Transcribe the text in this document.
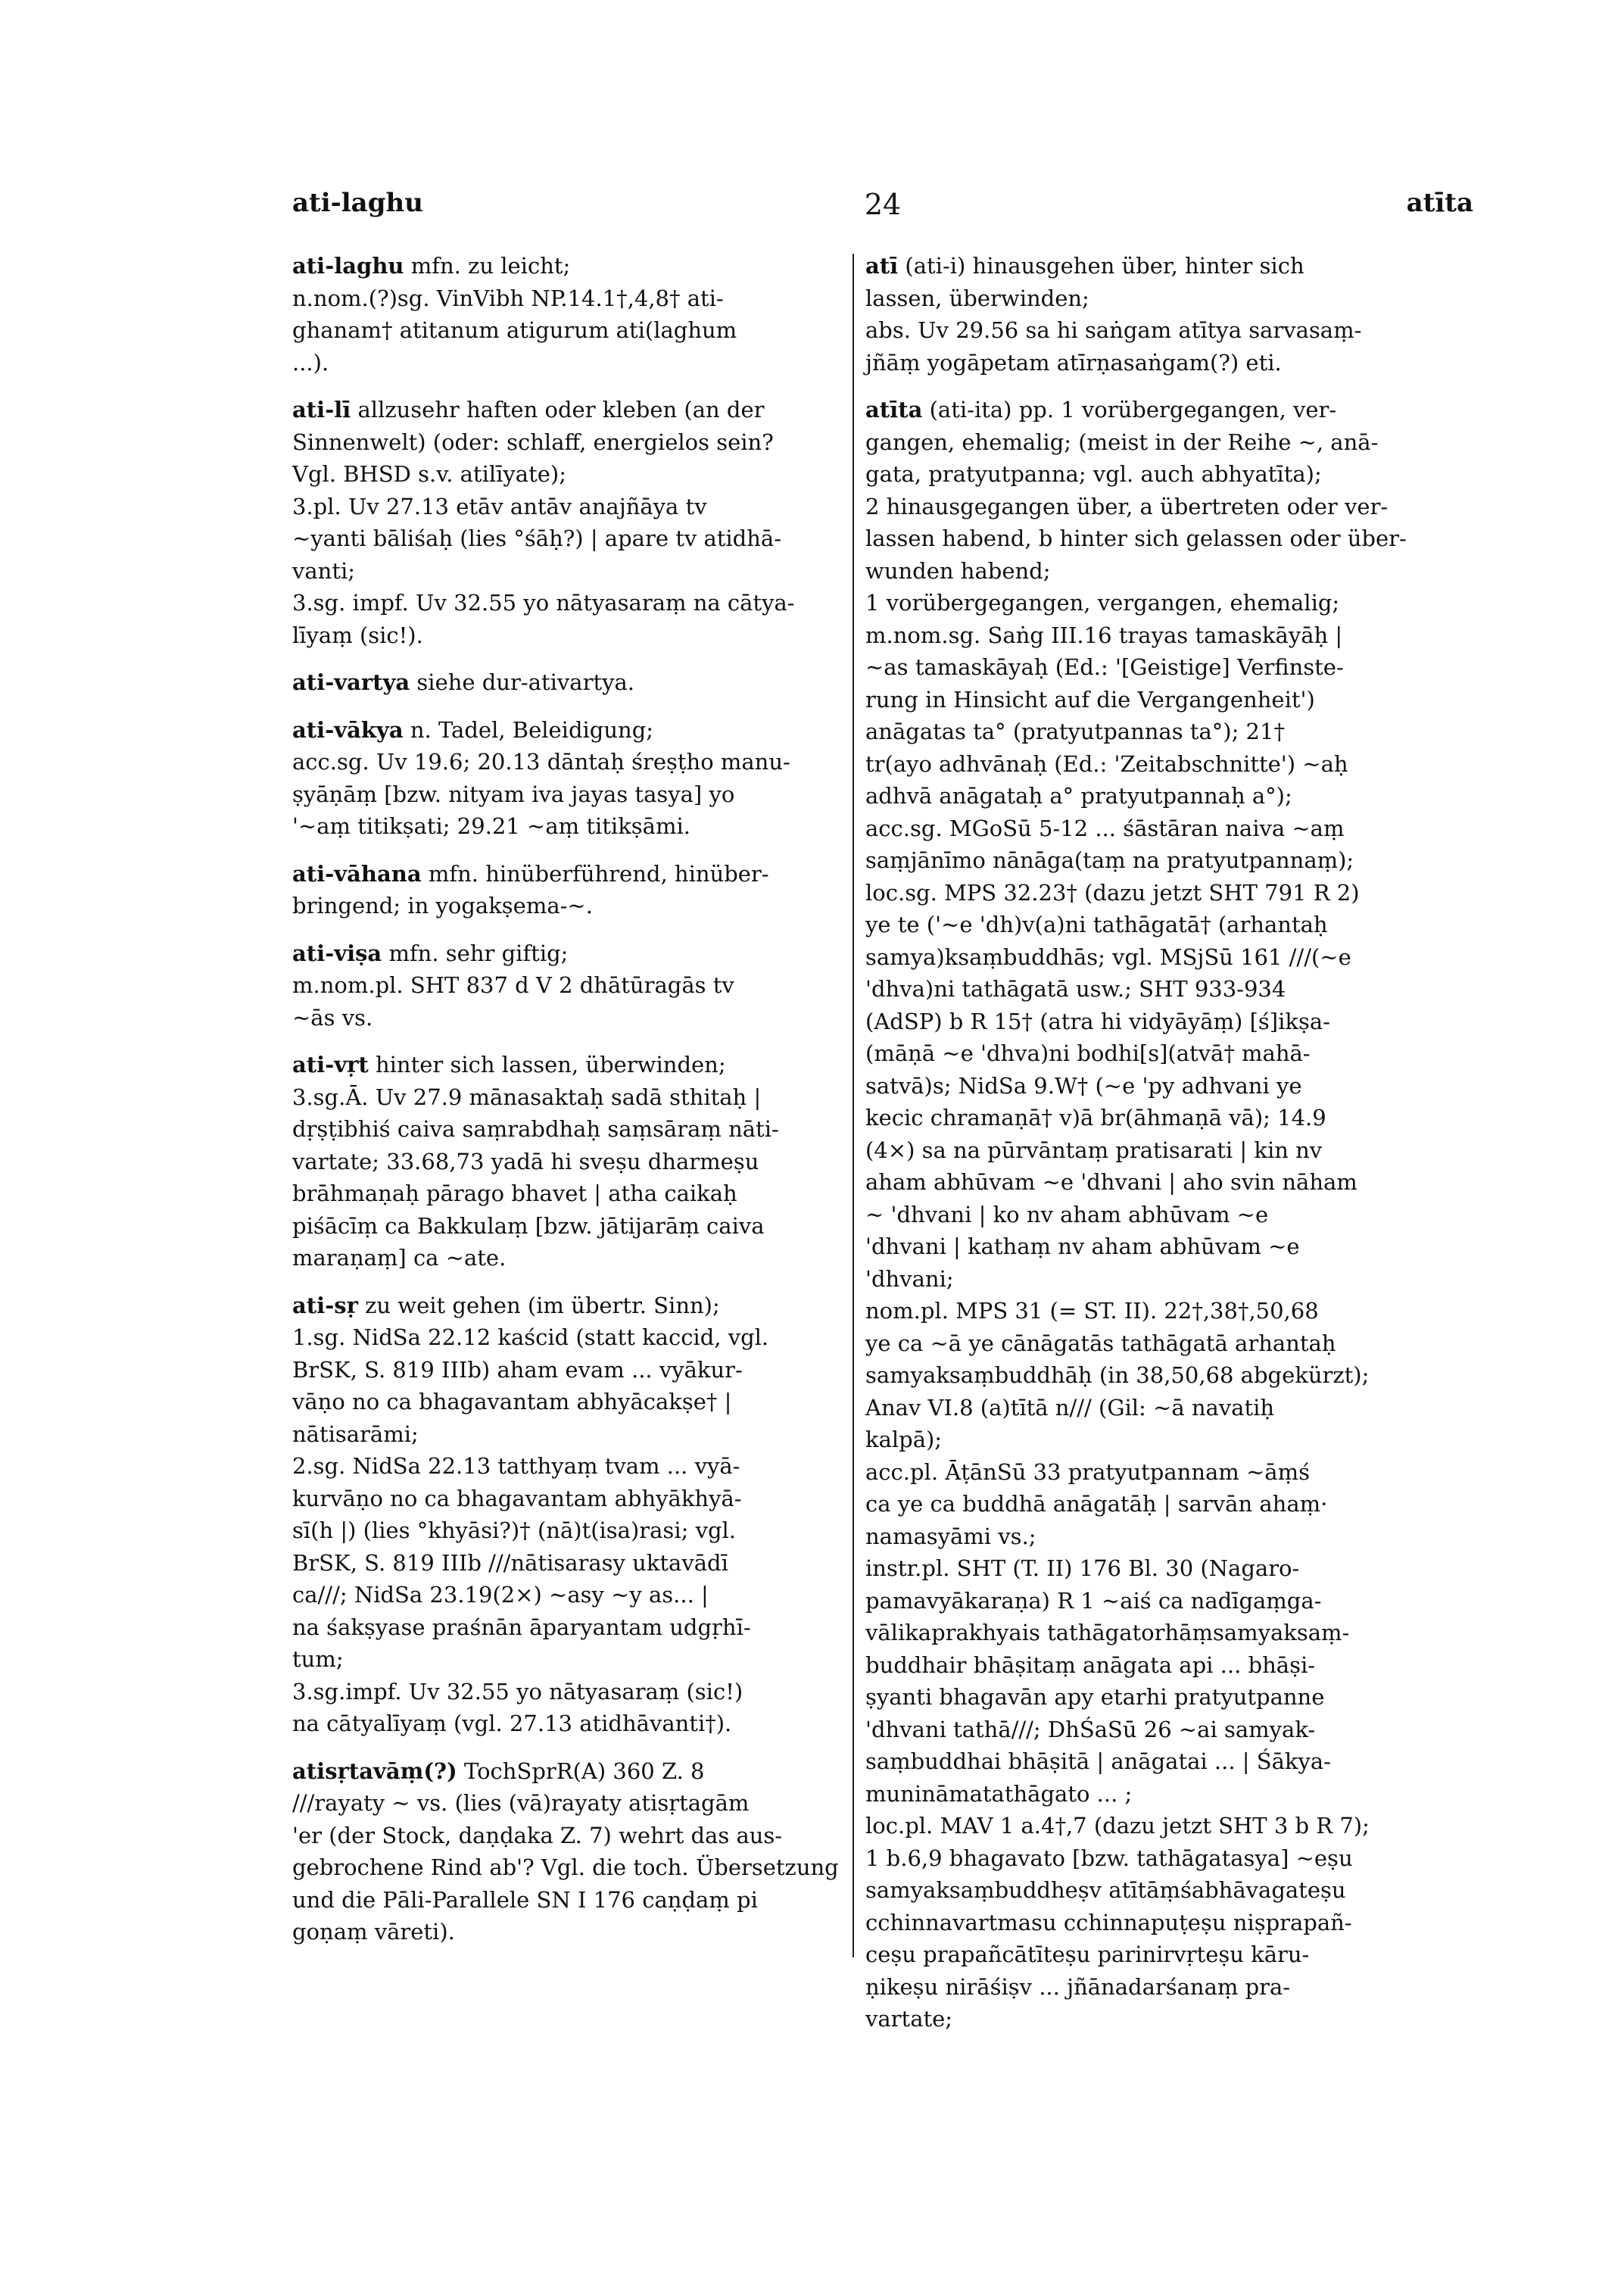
24
ati-laghu	atīta
ati-laghu mfn. zu leicht;
n.nom.(?)sg. VinVibh NP.14.1†,4,8† ati-
ghanam† atitanum atigurum ati(laghum
...).
ati-lī allzusehr haften oder kleben (an der
Sinnenwelt) (oder: schlaff, energielos sein?
Vgl. BHSD s.v. atilīyate);
3.pl. Uv 27.13 etāv antāv anajñāya tv
~yanti bāliśaḥ (lies °śāḥ?) | apare tv atidhā-
vanti;
3.sg. impf. Uv 32.55 yo nātyasaraṃ na cātya-
līyaṃ (sic!).
ati-vartya siehe dur-ativartya.
ati-vākya n. Tadel, Beleidigung;
acc.sg. Uv 19.6; 20.13 dāntaḥ śreṣṭho manu-
ṣyāṇāṃ [bzw. nityam iva jayas tasya] yo
'~aṃ titikṣati; 29.21 ~aṃ titikṣāmi.
ati-vāhana mfn. hinüberführend, hinüber-
bringend; in yogakṣema-~.
ati-viṣa mfn. sehr giftig;
m.nom.pl. SHT 837 d V 2 dhātūragās tv
~ās vs.
ati-vṛt hinter sich lassen, überwinden;
3.sg.Ā. Uv 27.9 mānasaktaḥ sadā sthitaḥ |
dṛṣṭibhiś caiva saṃrabdhaḥ saṃsāraṃ nāti-
vartate; 33.68,73 yadā hi sveṣu dharmeṣu
brāhmaṇaḥ pārago bhavet | atha caikaḥ
piśācīṃ ca Bakkulaṃ [bzw. jātijarāṃ caiva
maraṇaṃ] ca ~ate.
ati-sṛ zu weit gehen (im übertr. Sinn);
1.sg. NidSa 22.12 kaścid (statt kaccid, vgl.
BrSK, S. 819 IIIb) aham evam ... vyākur-
vāṇo no ca bhagavantam abhyācakṣe† |
nātisarāmi;
2.sg. NidSa 22.13 tatthyaṃ tvam ... vyā-
kurvāṇo no ca bhagavantam abhyākhyā-
sī(h |) (lies °khyāsi?)† (nā)t(isa)rasi; vgl.
BrSK, S. 819 IIIb ///nātisarasy uktavādī
ca///; NidSa 23.19(2×) ~asy ~y as... |
na śakṣyase praśnān āparyantam udgṛhī-
tum;
3.sg.impf. Uv 32.55 yo nātyasaraṃ (sic!)
na cātyalīyaṃ (vgl. 27.13 atidhāvanti†).
atisṛtavāṃ(?) TochSprR(A) 360 Z. 8
///rayaty ~ vs. (lies (vā)rayaty atisṛtagām
'er (der Stock, daṇḍaka Z. 7) wehrt das aus-
gebrochene Rind ab'? Vgl. die toch. Übersetzung
und die Pāli-Parallele SN I 176 caṇḍaṃ pi
goṇaṃ vāreti).
atī (ati-i) hinausgehen über, hinter sich
lassen, überwinden;
abs. Uv 29.56 sa hi saṅgam atītya sarvasaṃ-
jñāṃ yogāpetam atīrṇasaṅgam(?) eti.
atīta (ati-ita) pp. 1 vorübergegangen, ver-
gangen, ehemalig; (meist in der Reihe ~, anā-
gata, pratyutpanna; vgl. auch abhyatīta);
2 hinausgegangen über, a übertreten oder ver-
lassen habend, b hinter sich gelassen oder über-
wunden habend;
1 vorübergegangen, vergangen, ehemalig;
m.nom.sg. Saṅg III.16 trayas tamaskāyāḥ |
~as tamaskāyaḥ (Ed.: '[Geistige] Verfinste-
rung in Hinsicht auf die Vergangenheit')
anāgatas ta° (pratyutpannas ta°); 21†
tr(ayo adhvānaḥ (Ed.: 'Zeitabschnitte') ~aḥ
adhvā anāgataḥ a° pratyutpannaḥ a°);
acc.sg. MGoSū 5-12 ... śāstāran naiva ~aṃ
saṃjānīmo nānāga(taṃ na pratyutpannaṃ);
loc.sg. MPS 32.23† (dazu jetzt SHT 791 R 2)
ye te ('~e 'dh)v(a)ni tathāgatā† (arhantaḥ
samya)ksaṃbuddhās; vgl. MSjSū 161 ///(~e
'dhva)ni tathāgatā usw.; SHT 933-934
(AdSP) b R 15† (atra hi vidyāyāṃ) [ś]ikṣa-
(māṇā ~e 'dhva)ni bodhi[s](atvā† mahā-
satvā)s; NidSa 9.W† (~e 'py adhvani ye
kecic chramaṇā† v)ā br(āhmaṇā vā); 14.9
(4×) sa na pūrvāntaṃ pratisarati | kin nv
aham abhūvam ~e 'dhvani | aho svin nāham
~ 'dhvani | ko nv aham abhūvam ~e
'dhvani | kathaṃ nv aham abhūvam ~e
'dhvani;
nom.pl. MPS 31 (= ST. II). 22†,38†,50,68
ye ca ~ā ye cānāgatās tathāgatā arhantaḥ
samyaksaṃbuddhāḥ (in 38,50,68 abgekürzt);
Anav VI.8 (a)tītā n/// (Gil: ~ā navatiḥ
kalpā);
acc.pl. ĀṭānSū 33 pratyutpannam ~āṃś
ca ye ca buddhā anāgatāḥ | sarvān ahaṃ·
namasyāmi vs.;
instr.pl. SHT (T. II) 176 Bl. 30 (Nagaro-
pamavyākaraṇa) R 1 ~aiś ca nadīgaṃga-
vālikaprakhyais tathāgatorhāṃsamyaksaṃ-
buddhair bhāṣitaṃ anāgata api ... bhāṣi-
ṣyanti bhagavān apy etarhi pratyutpanne
'dhvani tathā///; DhŚaSū 26 ~ai samyak-
saṃbuddhai bhāṣitā | anāgatai ... | Śākya-
munināmatathāgato ... ;
loc.pl. MAV 1 a.4†,7 (dazu jetzt SHT 3 b R 7);
1 b.6,9 bhagavato [bzw. tathāgatasya] ~eṣu
samyaksaṃbuddheṣv atītāṃśabhāvagateṣu
cchinnavartmasu cchinnapuṭeṣu niṣprapañ-
ceṣu prapañcātīteṣu parinirvṛteṣu kāru-
ṇikeṣu nirāśiṣv ... jñānadarśanaṃ pra-
vartate;
